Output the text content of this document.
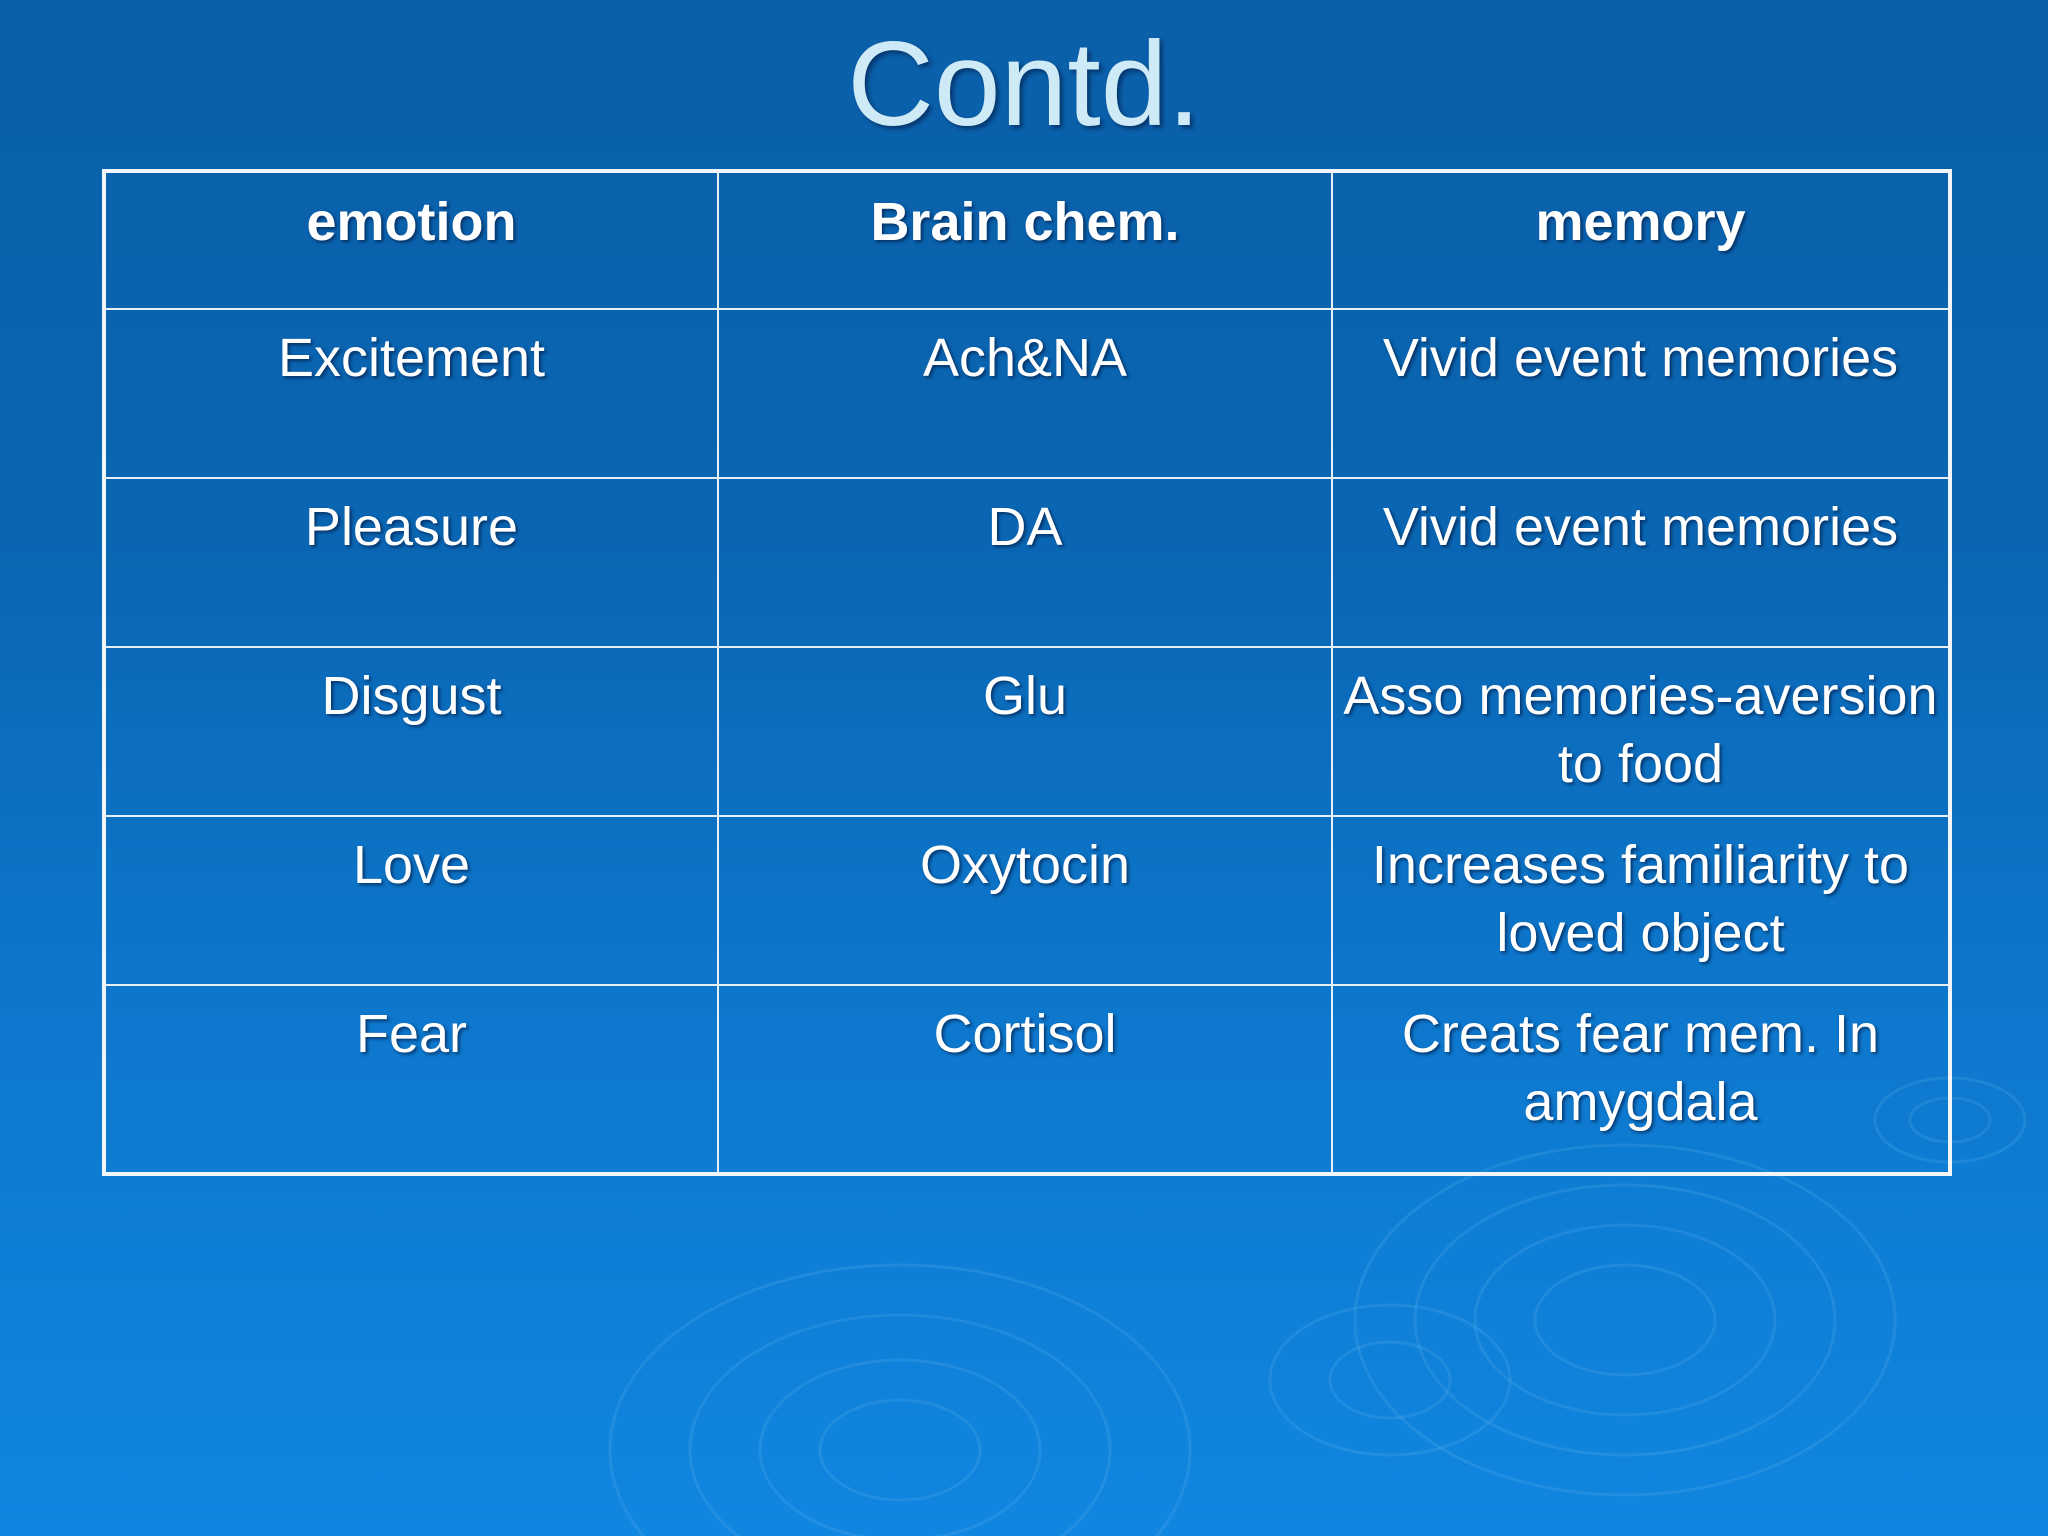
Contd.
emotion	Brain chem.	memory
Excitement	Ach&NA	Vivid event memories
Pleasure	DA	Vivid event memories
Disgust	Glu	Asso memories-aversion to food
Love	Oxytocin	Increases familiarity to loved object
Fear	Cortisol	Creats fear mem. In amygdala
